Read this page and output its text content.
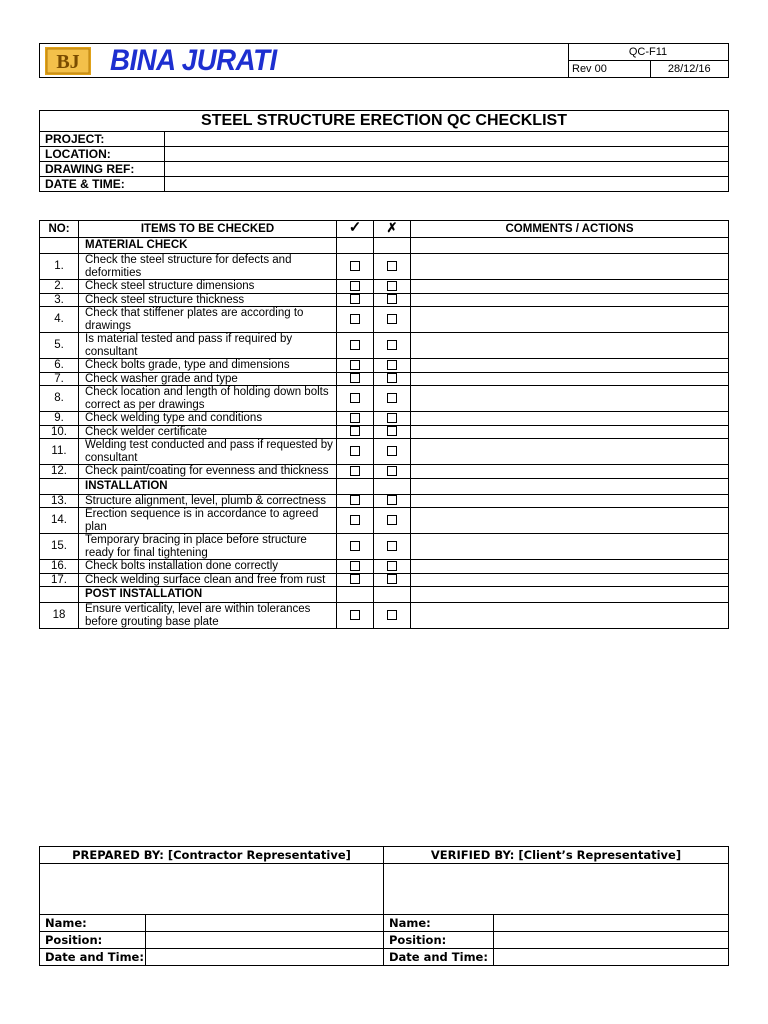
BJ BINA JURATI	QC-F11
Rev 00	28/12/16
STEEL STRUCTURE ERECTION QC CHECKLIST	
PROJECT:	
LOCATION:	
DRAWING REF:	
DATE & TIME:	
NO:	ITEMS TO BE CHECKED	✓	✗	COMMENTS / ACTIONS
	MATERIAL CHECK			
1.	Check the steel structure for defects and deformities			
2.	Check steel structure dimensions			
3.	Check steel structure thickness			
4.	Check that stiffener plates are according to drawings			
5.	Is material tested and pass if required by consultant			
6.	Check bolts grade, type and dimensions			
7.	Check washer grade and type			
8.	Check location and length of holding down bolts correct as per drawings			
9.	Check welding type and conditions			
10.	Check welder certificate			
11.	Welding test conducted and pass if requested by consultant			
12.	Check paint/coating for evenness and thickness			
	INSTALLATION			
13.	Structure alignment, level, plumb & correctness			
14.	Erection sequence is in accordance to agreed plan			
15.	Temporary bracing in place before structure ready for final tightening			
16.	Check bolts installation done correctly			
17.	Check welding surface clean and free from rust			
	POST INSTALLATION			
18	Ensure verticality, level are within tolerances before grouting base plate			
PREPARED BY: [Contractor Representative]		VERIFIED BY: [Client’s Representative]	

Name:		Name:	
Position:		Position:	
Date and Time:		Date and Time:	
